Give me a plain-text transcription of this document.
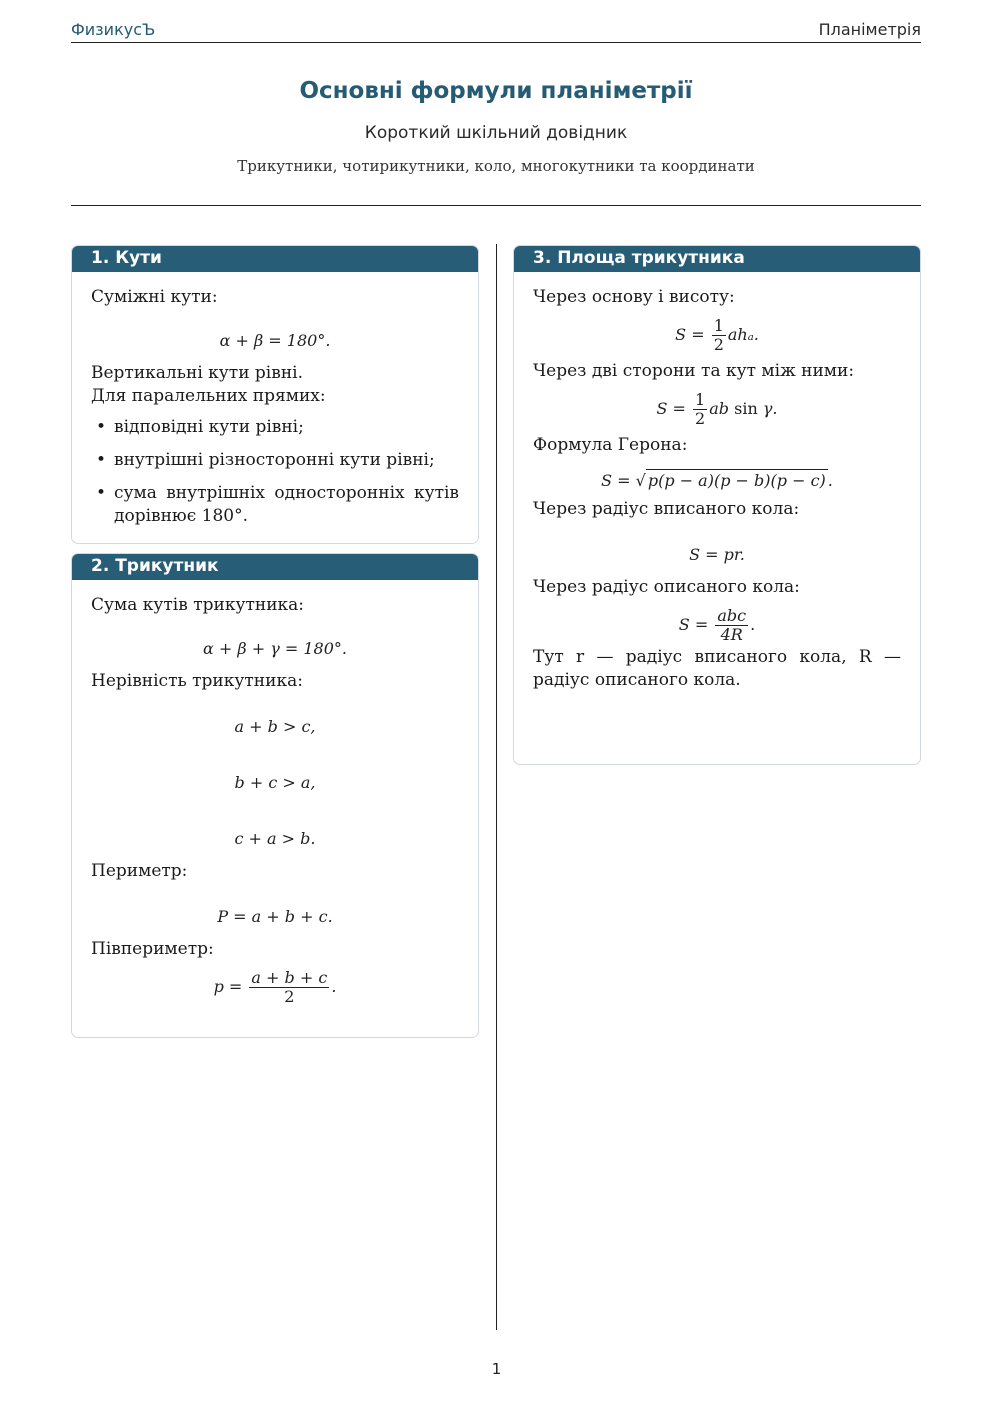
ФизикусЪ	Планіметрія
Основні формули планіметрії
Короткий шкільний довідник
Трикутники, чотирикутники, коло, многокутники та координати
1. Кути
Суміжні кути:
α + β = 180°.
Вертикальні кути рівні.
Для паралельних прямих:
• відповідні кути рівні;
• внутрішні різносторонні кути рівні;
• сума внутрішніх односторонніх кутів дорівнює 180°.
2. Трикутник
Сума кутів трикутника:
α + β + γ = 180°.
Нерівність трикутника:
a + b > c,
b + c > a,
c + a > b.
Периметр:
P = a + b + c.
Півпериметр:
$p = \frac{a + b + c}{2}$ .
3. Площа трикутника
Через основу і висоту:
$S = \frac{1}{2} ah_a$.
Через дві сторони та кут між ними:
$S = \frac{1}{2}$ ab sin γ.
Формула Герона:
S = √ p(p − a)(p − b)(p − c) .
Через радіус вписаного кола:
S = pr.
Через радіус описаного кола:
$S = \frac{\text{abc}}{4R}$ .
Тут r — радіус вписаного кола, R — радіус описаного кола.
1
